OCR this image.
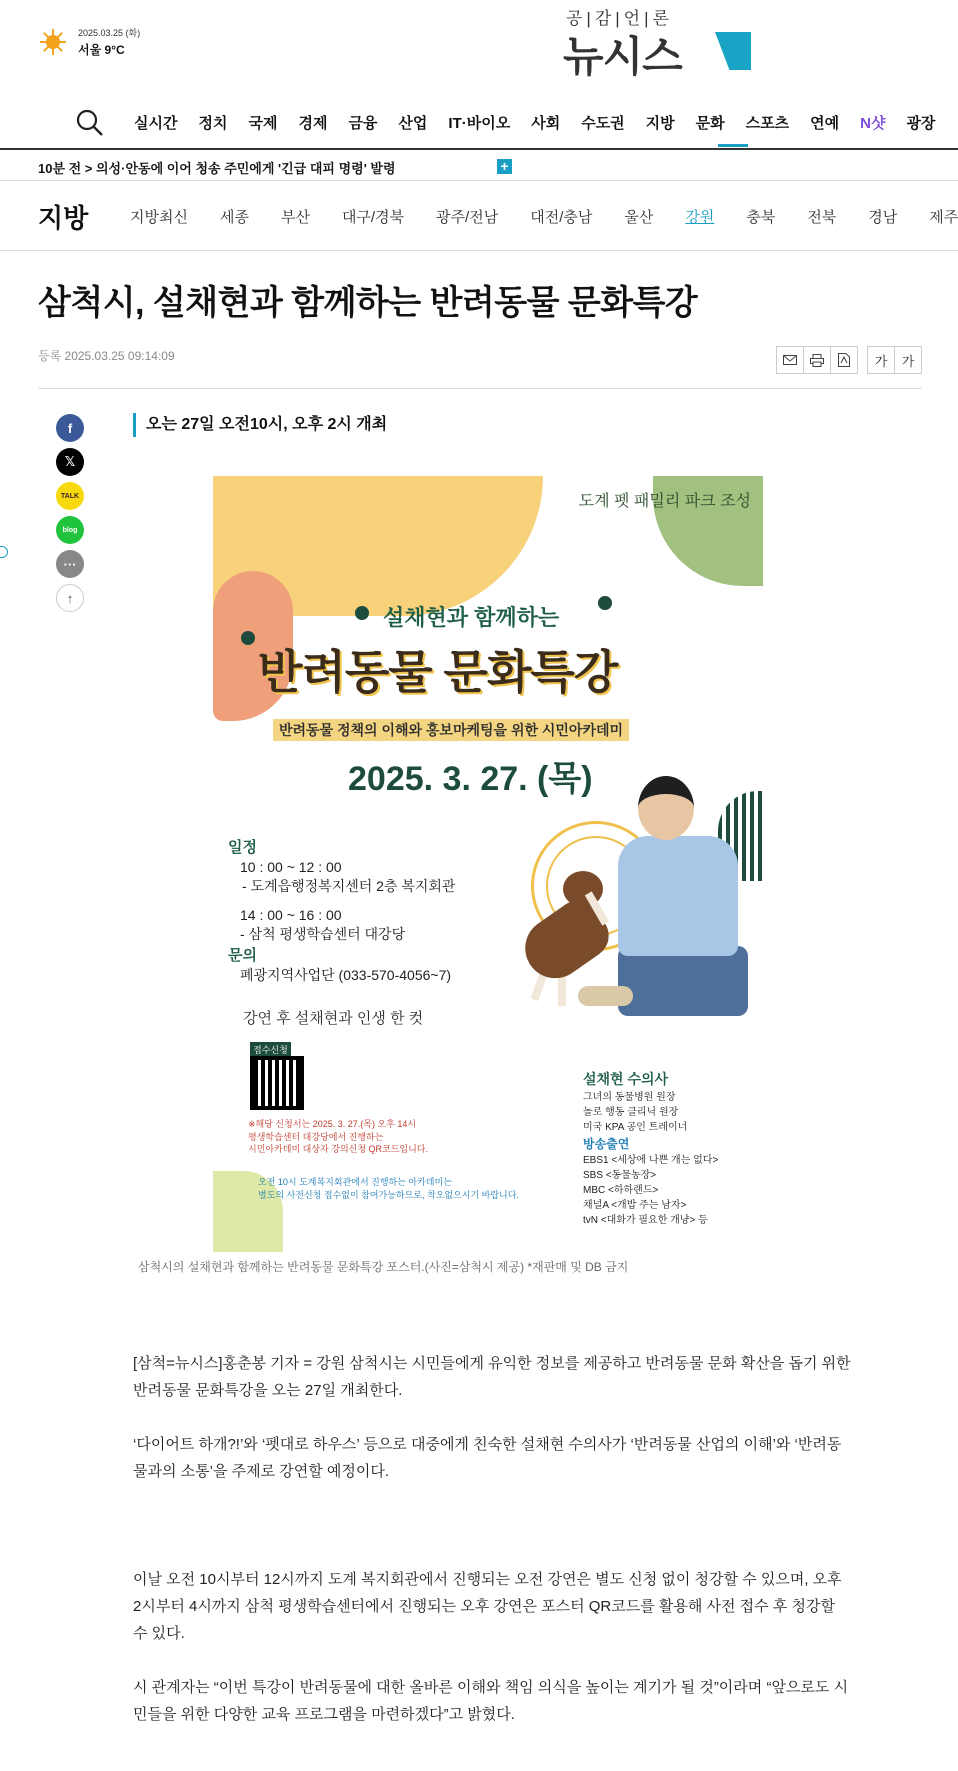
2025.03.25 (화)
서울 9°C
공|감|언|론
뉴시스
실시간 정치 국제 경제 금융 산업 IT·바이오 사회 수도권 지방 문화 스포츠 연예 N샷 광장
10분 전 > 의성·안동에 이어 청송 주민에게 '긴급 대피 명령' 발령	+
지방	지방최신 세종 부산 대구/경북 광주/전남 대전/충남 울산 강원 충북 전북 경남 제주
삼척시, 설채현과 함께하는 반려동물 문화특강
등록 2025.03.25 09:14:09	가	가
f
𝕏
TALK
blog
···
↑
오는 27일 오전10시, 오후 2시 개최
도계 펫 패밀리 파크 조성
설채현과 함께하는
반려동물 문화특강
반려동물 정책의 이해와 홍보마케팅을 위한 시민아카데미
2025. 3. 27. (목)
일정
10 : 00 ~ 12 : 00
- 도계읍행정복지센터 2층 복지회관
14 : 00 ~ 16 : 00
- 삼척 평생학습센터 대강당
문의
폐광지역사업단 (033-570-4056~7)
강연 후 설채현과 인생 한 컷
접수신청
※해당 신청서는 2025. 3. 27.(목) 오후 14시
평생학습센터 대강당에서 진행하는
시민아카데미 대상자 강의신청 QR코드입니다.
오전 10시 도계복지회관에서 진행하는 아카데미는
별도의 사전신청 접수없이 참여가능하므로, 착오없으시기 바랍니다.
설채현 수의사
그녀의 동물병원 원장
놀로 행동 클리닉 원장
미국 KPA 공인 트레이너
방송출연
EBS1 <세상에 나쁜 개는 없다>
SBS <동물농장>
MBC <하하랜드>
채널A <개밥 주는 남자>
tvN <대화가 필요한 개냥> 등
삼척시의 설채현과 함께하는 반려동물 문화특강 포스터.(사진=삼척시 제공) *재판매 및 DB 금지

[삼척=뉴시스]홍춘봉 기자 = 강원 삼척시는 시민들에게 유익한 정보를 제공하고 반려동물 문화 확산을 돕기 위한 반려동물 문화특강을 오는 27일 개최한다.

‘다이어트 하개?!’와 ‘펫대로 하우스’ 등으로 대중에게 친숙한 설채현 수의사가 ‘반려동물 산업의 이해’와 ‘반려동물과의 소통’을 주제로 강연할 예정이다.

이날 오전 10시부터 12시까지 도계 복지회관에서 진행되는 오전 강연은 별도 신청 없이 청강할 수 있으며, 오후 2시부터 4시까지 삼척 평생학습센터에서 진행되는 오후 강연은 포스터 QR코드를 활용해 사전 접수 후 청강할 수 있다.

시 관계자는 “이번 특강이 반려동물에 대한 올바른 이해와 책임 의식을 높이는 계기가 될 것”이라며 “앞으로도 시민들을 위한 다양한 교육 프로그램을 마련하겠다”고 밝혔다.
